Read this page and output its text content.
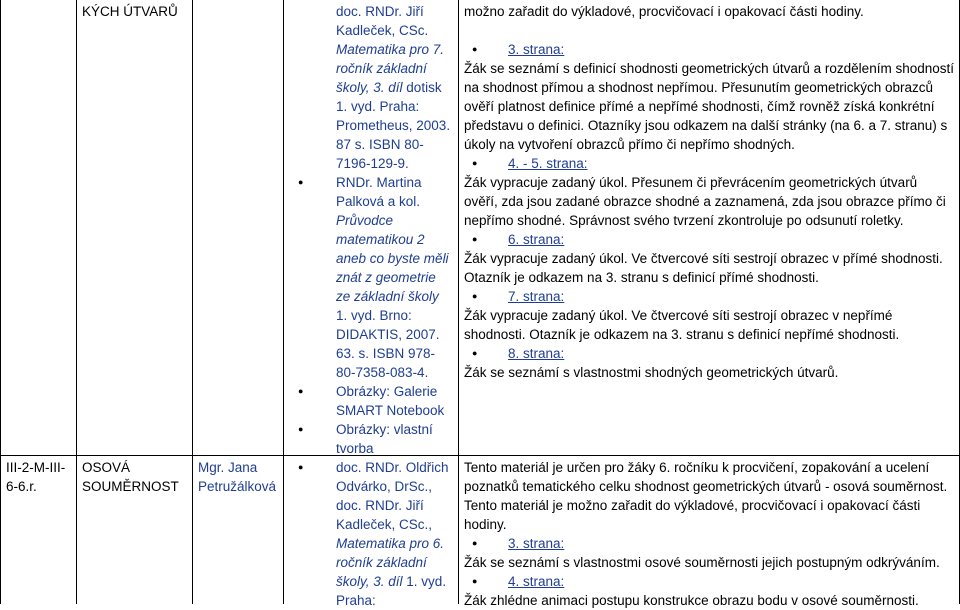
KÝCH ÚTVARŮ	doc. RNDr. Jiří Kadleček, CSc. Matematika pro 7. ročník základní školy, 3. díl dotisk 1. vyd. Praha: Prometheus, 2003. 87 s. ISBN 80-7196-129-9.
● RNDr. Martina Palková a kol. Průvodce matematikou 2 aneb co byste měli znát z geometrie ze základní školy 1. vyd. Brno: DIDAKTIS, 2007. 63. s. ISBN 978-80-7358-083-4.
● Obrázky: Galerie SMART Notebook
● Obrázky: vlastní tvorba

možno zařadit do výkladové, procvičovací i opakovací části hodiny.

● 3. strana:

Žák se seznámí s definicí shodnosti geometrických útvarů a rozdělením shodností na shodnost přímou a shodnost nepřímou. Přesunutím geometrických obrazců ověří platnost definice přímé a nepřímé shodnosti, čímž rovněž získá konkrétní představu o definici. Otazníky jsou odkazem na další stránky (na 6. a 7. stranu) s úkoly na vytvoření obrazců přímo či nepřímo shodných.

● 4. - 5. strana:

Žák vypracuje zadaný úkol. Přesunem či převrácením geometrických útvarů ověří, zda jsou zadané obrazce shodné a zaznamená, zda jsou obrazce přímo či nepřímo shodné. Správnost svého tvrzení zkontroluje po odsunutí roletky.

● 6. strana:

Žák vypracuje zadaný úkol. Ve čtvercové síti sestrojí obrazec v přímé shodnosti. Otazník je odkazem na 3. stranu s definicí přímé shodnosti.

● 7. strana:

Žák vypracuje zadaný úkol. Ve čtvercové síti sestrojí obrazec v nepřímé shodnosti. Otazník je odkazem na 3. stranu s definicí nepřímé shodnosti.

● 8. strana:

Žák se seznámí s vlastnostmi shodných geometrických útvarů.

III-2-M-III-6-6.r.
OSOVÁ SOUMĚRNOST
Mgr. Jana Petružálková
● doc. RNDr. Oldřich Odvárko, DrSc., doc. RNDr. Jiří Kadleček, CSc., Matematika pro 6. ročník základní školy, 3. díl 1. vyd. Praha:

Tento materiál je určen pro žáky 6. ročníku k procvičení, zopakování a ucelení poznatků tematického celku shodnost geometrických útvarů - osová souměrnost. Tento materiál je možno zařadit do výkladové, procvičovací i opakovací části hodiny.

● 3. strana:

Žák se seznámí s vlastnostmi osové souměrnosti jejich postupným odkrýváním.

● 4. strana:

Žák zhlédne animaci postupu konstrukce obrazu bodu v osové souměrnosti.
